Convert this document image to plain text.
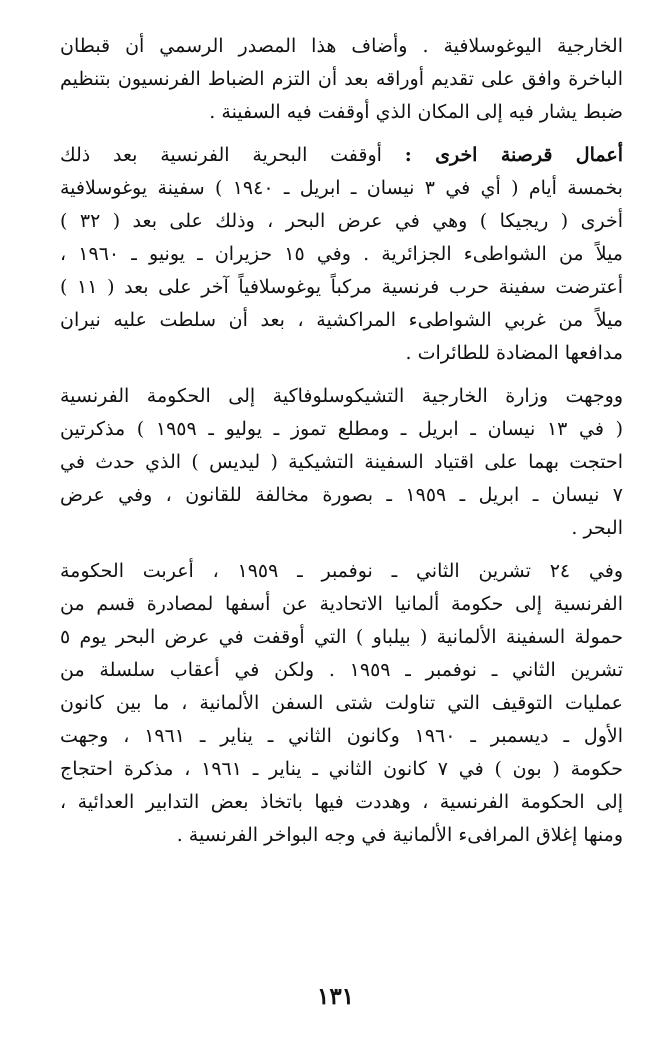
الخارجية اليوغوسلافية . وأضاف هذا المصدر الرسمي أن قبطان
الباخرة وافق على تقديم أوراقه بعد أن التزم الضباط الفرنسيون بتنظيم
ضبط يشار فيه إلى المكان الذي أوقفت فيه السفينة .
أعمال قرصنة اخرى : أوقفت البحرية الفرنسية بعد ذلك
بخمسة أيام ( أي في ٣ نيسان ـ ابريل ـ ١٩٤٠ ) سفينة يوغوسلافية
أخرى ( ريجيكا ) وهي في عرض البحر ، وذلك على بعد ( ٣٢ )
ميلاً من الشواطىء الجزائرية . وفي ١٥ حزيران ـ يونيو ـ ١٩٦٠ ،
أعترضت سفينة حرب فرنسية مركباً يوغوسلافياً آخر على بعد ( ١١ )
ميلاً من غربي الشواطىء المراكشية ، بعد أن سلطت عليه نيران
مدافعها المضادة للطائرات .
ووجهت وزارة الخارجية التشيكوسلوفاكية إلى الحكومة الفرنسية
( في ١٣ نيسان ـ ابريل ـ ومطلع تموز ـ يوليو ـ ١٩٥٩ ) مذكرتين
احتجت بهما على اقتياد السفينة التشيكية ( ليديس ) الذي حدث في
٧ نيسان ـ ابريل ـ ١٩٥٩ ـ بصورة مخالفة للقانون ، وفي عرض
البحر .
وفي ٢٤ تشرين الثاني ـ نوفمبر ـ ١٩٥٩ ، أعربت الحكومة
الفرنسية إلى حكومة ألمانيا الاتحادية عن أسفها لمصادرة قسم من
حمولة السفينة الألمانية ( بيلباو ) التي أوقفت في عرض البحر يوم ٥
تشرين الثاني ـ نوفمبر ـ ١٩٥٩ . ولكن في أعقاب سلسلة من
عمليات التوقيف التي تناولت شتى السفن الألمانية ، ما بين كانون
الأول ـ ديسمبر ـ ١٩٦٠ وكانون الثاني ـ يناير ـ ١٩٦١ ، وجهت
حكومة ( بون ) في ٧ كانون الثاني ـ يناير ـ ١٩٦١ ، مذكرة احتجاج
إلى الحكومة الفرنسية ، وهددت فيها باتخاذ بعض التدابير العدائية ،
ومنها إغلاق المرافىء الألمانية في وجه البواخر الفرنسية .
١٣١
